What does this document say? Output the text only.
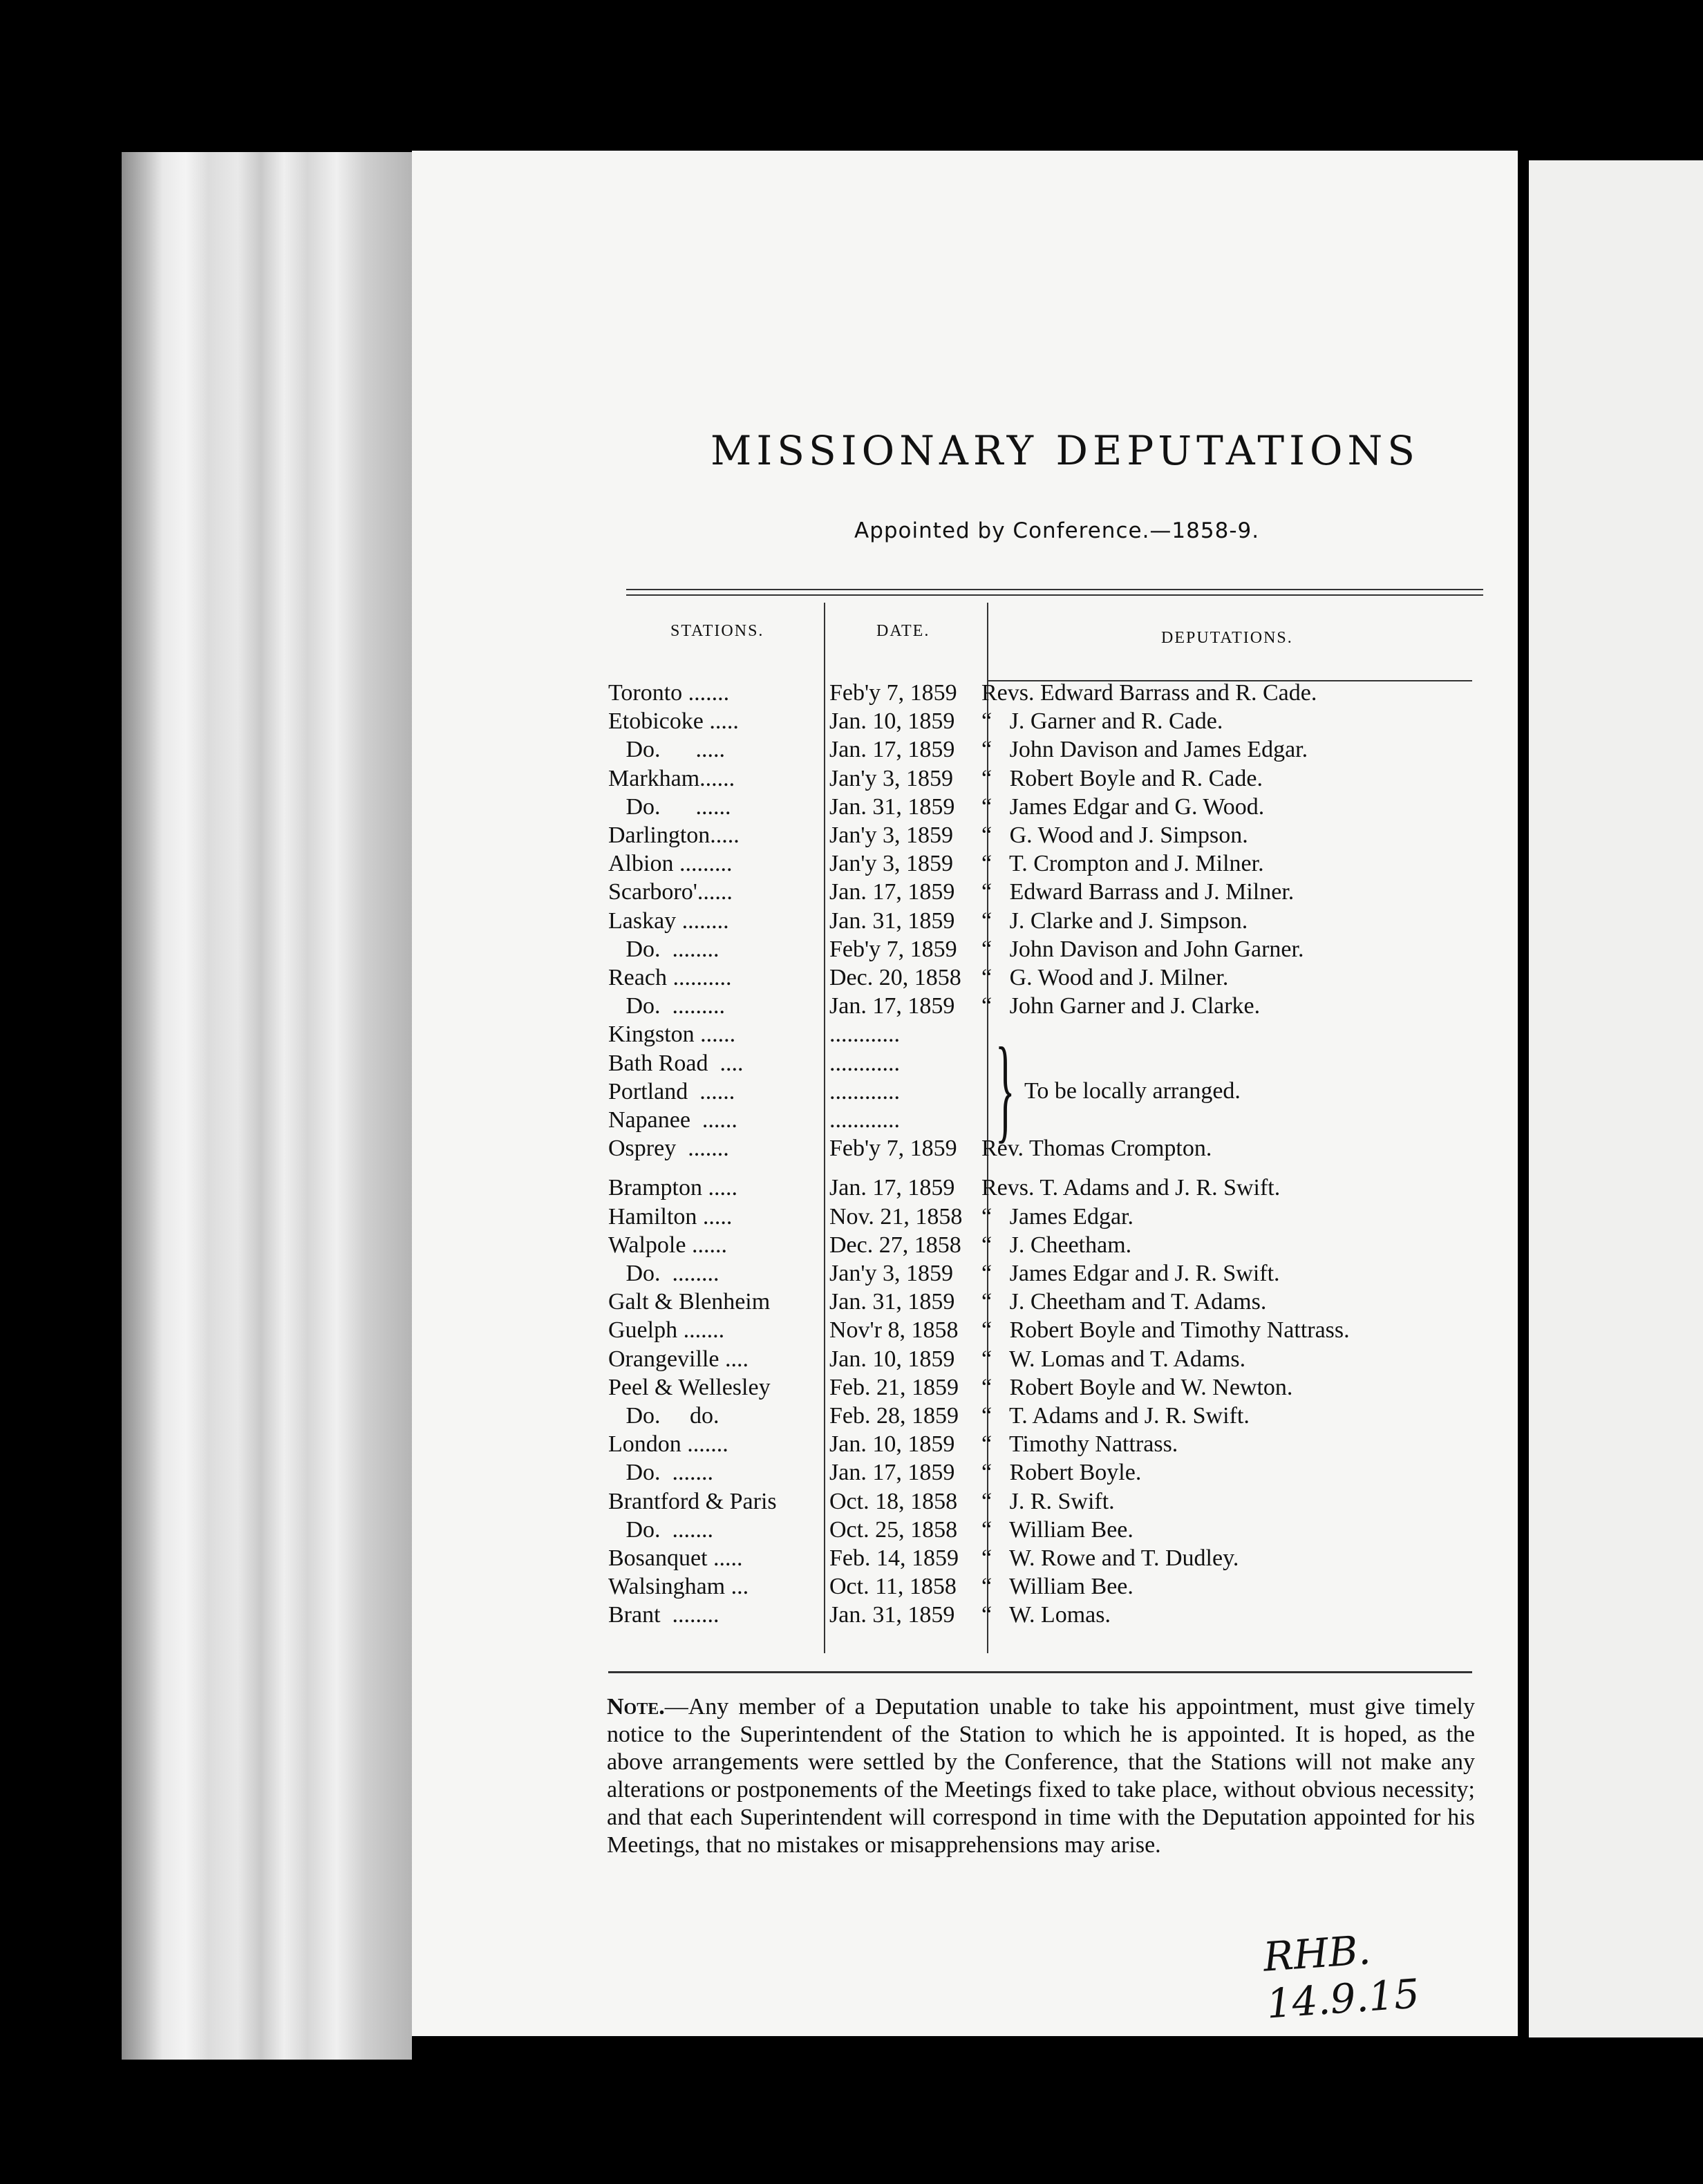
MISSIONARY DEPUTATIONS
Appointed by Conference.—1858-9.
STATIONS.	DATE.	DEPUTATIONS.
Toronto .......	Feb'y 7, 1859 Revs. Edward Barrass and R. Cade.
Etobicoke .....	Jan. 10, 1859 “   J. Garner and R. Cade.
Do.      .....	Jan. 17, 1859 “   John Davison and James Edgar.
Markham......	Jan'y 3, 1859 “   Robert Boyle and R. Cade.
Do.      ......	Jan. 31, 1859 “   James Edgar and G. Wood.
Darlington.....	Jan'y 3, 1859 “   G. Wood and J. Simpson.
Albion .........	Jan'y 3, 1859 “   T. Crompton and J. Milner.
Scarboro'......	Jan. 17, 1859 “   Edward Barrass and J. Milner.
Laskay ........	Jan. 31, 1859 “   J. Clarke and J. Simpson.
Do.  ........	Feb'y 7, 1859 “   John Davison and John Garner.
Reach ..........	Dec. 20, 1858 “   G. Wood and J. Milner.
Do.  .........	Jan. 17, 1859 “   John Garner and J. Clarke.
Kingston ......	............
Bath Road  ....	............
Portland  ......	............
Napanee  ......	............
Osprey  .......	Feb'y 7, 1859 Rev. Thomas Crompton.
Brampton .....	Jan. 17, 1859 Revs. T. Adams and J. R. Swift.
Hamilton .....	Nov. 21, 1858 “   James Edgar.
Walpole ......	Dec. 27, 1858 “   J. Cheetham.
Do.  ........	Jan'y 3, 1859 “   James Edgar and J. R. Swift.
Galt & Blenheim	Jan. 31, 1859 “   J. Cheetham and T. Adams.
Guelph .......	Nov'r 8, 1858 “   Robert Boyle and Timothy Nattrass.
Orangeville ....	Jan. 10, 1859 “   W. Lomas and T. Adams.
Peel & Wellesley	Feb. 21, 1859 “   Robert Boyle and W. Newton.
Do.     do.	Feb. 28, 1859 “   T. Adams and J. R. Swift.
London .......	Jan. 10, 1859 “   Timothy Nattrass.
Do.  .......	Jan. 17, 1859 “   Robert Boyle.
Brantford & Paris Oct. 18, 1858 “   J. R. Swift.
Do.  .......	Oct. 25, 1858 “   William Bee.
Bosanquet .....	Feb. 14, 1859 “   W. Rowe and T. Dudley.
Walsingham ...	Oct. 11, 1858 “   William Bee.
Brant  ........	Jan. 31, 1859 “   W. Lomas.
} To be locally arranged.
Note.—Any member of a Deputation unable to take his appointment, must give timely notice to the Superintendent of the Station to which he is appointed. It is hoped, as the above arrangements were settled by the Conference, that the Stations will not make any alterations or postponements of the Meetings fixed to take place, without obvious necessity; and that each Superintendent will correspond in time with the Deputation appointed for his Meetings, that no mistakes or misapprehensions may arise.
RHB.
14.9.15
